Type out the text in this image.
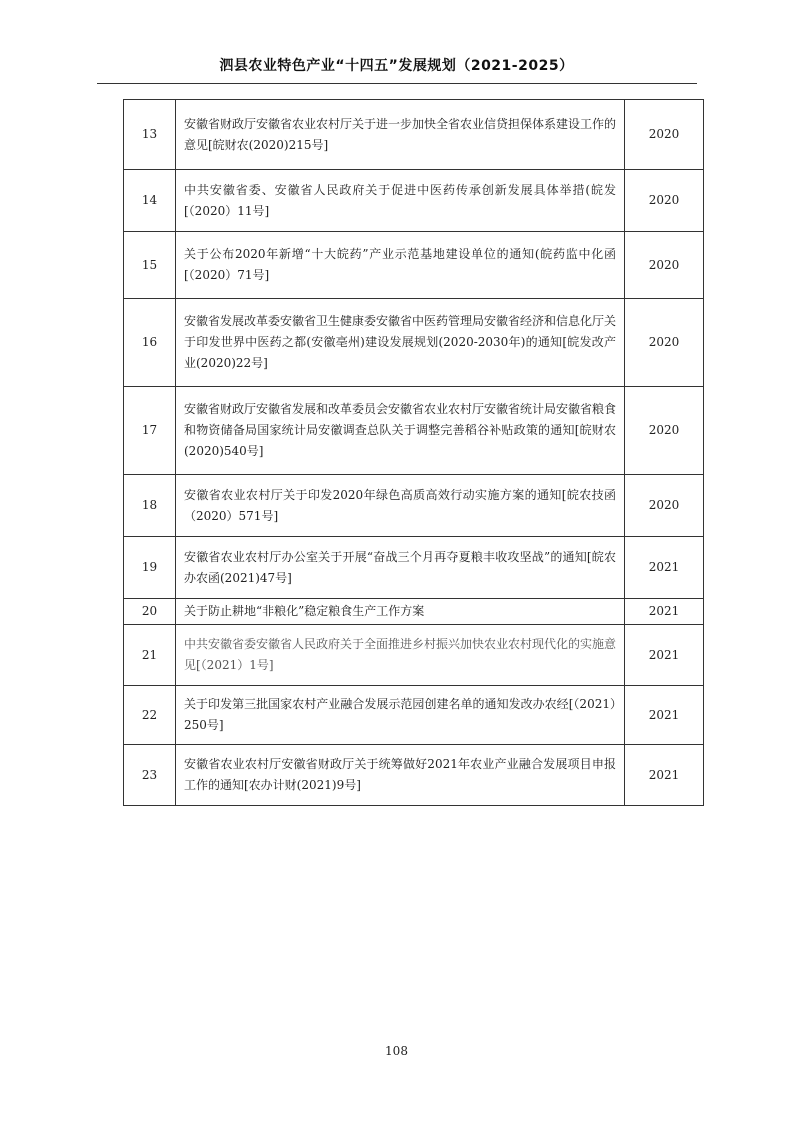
泗县农业特色产业“十四五”发展规划（2021-2025）
13	安徽省财政厅安徽省农业农村厅关于进一步加快全省农业信贷担保体系建设工作的意见[皖财农(2020)215号]	2020
14	中共安徽省委、安徽省人民政府关于促进中医药传承创新发展具体举措(皖发[（2020）11号]	2020
15	关于公布2020年新增“十大皖药”产业示范基地建设单位的通知(皖药监中化函[（2020）71号]	2020
16	安徽省发展改革委安徽省卫生健康委安徽省中医药管理局安徽省经济和信息化厅关于印发世界中医药之都(安徽亳州)建设发展规划(2020-2030年)的通知[皖发改产业(2020)22号]	2020
17	安徽省财政厅安徽省发展和改革委员会安徽省农业农村厅安徽省统计局安徽省粮食和物资储备局国家统计局安徽调查总队关于调整完善稻谷补贴政策的通知[皖财农(2020)540号]	2020
18	安徽省农业农村厅关于印发2020年绿色高质高效行动实施方案的通知[皖农技函（2020）571号]	2020
19	安徽省农业农村厅办公室关于开展“奋战三个月再夺夏粮丰收攻坚战”的通知[皖农办农函(2021)47号]	2021
20	关于防止耕地“非粮化”稳定粮食生产工作方案	2021
21	中共安徽省委安徽省人民政府关于全面推进乡村振兴加快农业农村现代化的实施意见[（2021）1号]	2021
22	关于印发第三批国家农村产业融合发展示范园创建名单的通知发改办农经[（2021）250号]	2021
23	安徽省农业农村厅安徽省财政厅关于统筹做好2021年农业产业融合发展项目申报工作的通知[农办计财(2021)9号]	2021
108
